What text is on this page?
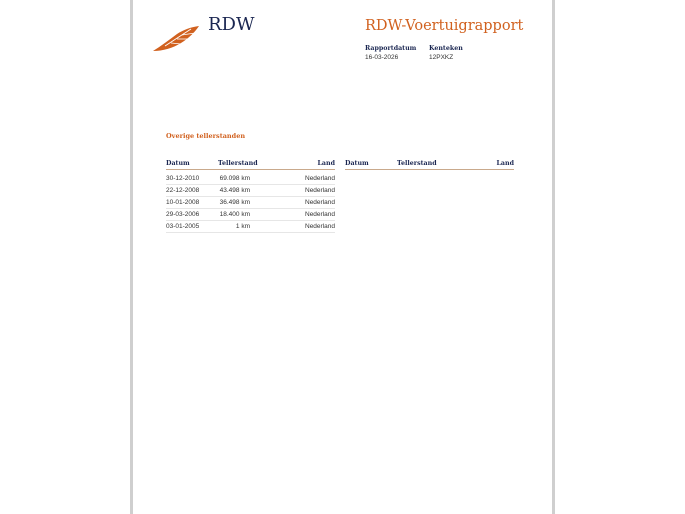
RDW	RDW-Voertuigrapport
Rapportdatum
16-03-2026
Kenteken
12PXKZ
Overige tellerstanden
Datum	Tellerstand	Land
30-12-2010	69.098 km	Nederland
22-12-2008	43.498 km	Nederland
10-01-2008	36.498 km	Nederland
29-03-2006	18.400 km	Nederland
03-01-2005	1 km	Nederland
Datum	Tellerstand	Land
